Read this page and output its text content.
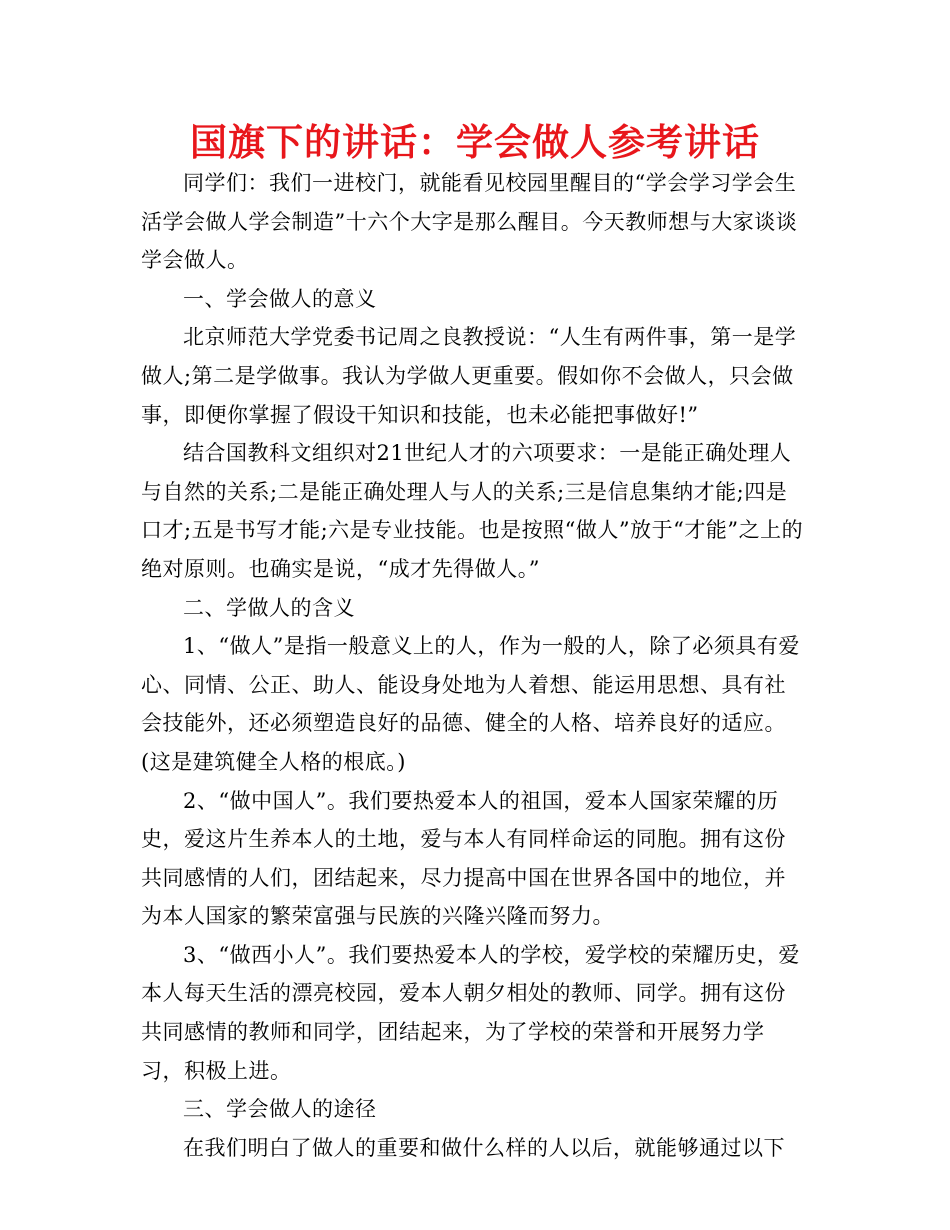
国旗下的讲话：学会做人参考讲话

同学们：我们一进校门，就能看见校园里醒目的“学会学习学会生活学会做人学会制造”十六个大字是那么醒目。今天教师想与大家谈谈学会做人。

一、学会做人的意义

北京师范大学党委书记周之良教授说：“人生有两件事，第一是学做人;第二是学做事。我认为学做人更重要。假如你不会做人，只会做事，即便你掌握了假设干知识和技能，也未必能把事做好!”

结合国教科文组织对21世纪人才的六项要求：一是能正确处理人与自然的关系;二是能正确处理人与人的关系;三是信息集纳才能;四是口才;五是书写才能;六是专业技能。也是按照“做人”放于“才能”之上的绝对原则。也确实是说，“成才先得做人。”

二、学做人的含义

1、“做人”是指一般意义上的人，作为一般的人，除了必须具有爱心、同情、公正、助人、能设身处地为人着想、能运用思想、具有社会技能外，还必须塑造良好的品德、健全的人格、培养良好的适应。(这是建筑健全人格的根底。)

2、“做中国人”。我们要热爱本人的祖国，爱本人国家荣耀的历史，爱这片生养本人的土地，爱与本人有同样命运的同胞。拥有这份共同感情的人们，团结起来，尽力提高中国在世界各国中的地位，并为本人国家的繁荣富强与民族的兴隆兴隆而努力。

3、“做西小人”。我们要热爱本人的学校，爱学校的荣耀历史，爱本人每天生活的漂亮校园，爱本人朝夕相处的教师、同学。拥有这份共同感情的教师和同学，团结起来，为了学校的荣誉和开展努力学习，积极上进。

三、学会做人的途径

在我们明白了做人的重要和做什么样的人以后，就能够通过以下
